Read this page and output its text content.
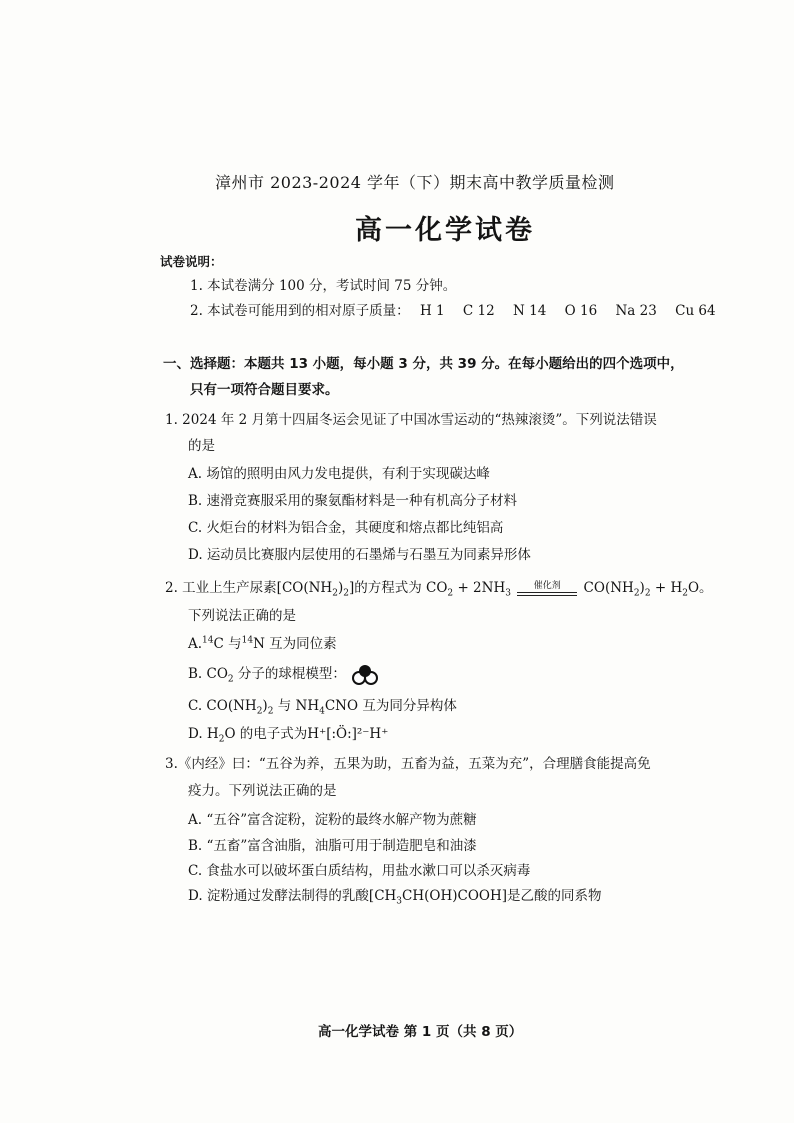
漳州市 2023-2024 学年（下）期末高中教学质量检测
高一化学试卷
试卷说明：
1. 本试卷满分 100 分，考试时间 75 分钟。
2. 本试卷可能用到的相对原子质量： H 1 C 12 N 14 O 16 Na 23 Cu 64
一、选择题：本题共 13 小题，每小题 3 分，共 39 分。在每小题给出的四个选项中，
只有一项符合题目要求。
1. 2024 年 2 月第十四届冬运会见证了中国冰雪运动的“热辣滚烫”。下列说法错误
的是
A. 场馆的照明由风力发电提供，有利于实现碳达峰
B. 速滑竞赛服采用的聚氨酯材料是一种有机高分子材料
C. 火炬台的材料为铝合金，其硬度和熔点都比纯铝高
D. 运动员比赛服内层使用的石墨烯与石墨互为同素异形体
2. 工业上生产尿素$[CO(NH_2)_2]$的方程式为 $CO_2 + 2NH_3$
催化剂	$CO(NH_2)_2 + H_2O$。
下列说法正确的是
A.$^{14}$C 与$^{14}$N 互为同位素
B. $CO_2$ 分子的球棍模型：
C. $CO(NH_2)_2$ 与 $NH_4CNO$ 互为同分异构体
D. $H_2O$ 的电子式为H⁺[:Ö:]²⁻H⁺
3.《内经》曰：“五谷为养，五果为助，五畜为益，五菜为充”，合理膳食能提高免
疫力。下列说法正确的是
A. “五谷”富含淀粉，淀粉的最终水解产物为蔗糖
B. “五畜”富含油脂，油脂可用于制造肥皂和油漆
C. 食盐水可以破坏蛋白质结构，用盐水漱口可以杀灭病毒
D. 淀粉通过发酵法制得的乳酸$[CH_3CH(OH)COOH]$是乙酸的同系物
高一化学试卷 第 1 页（共 8 页）
